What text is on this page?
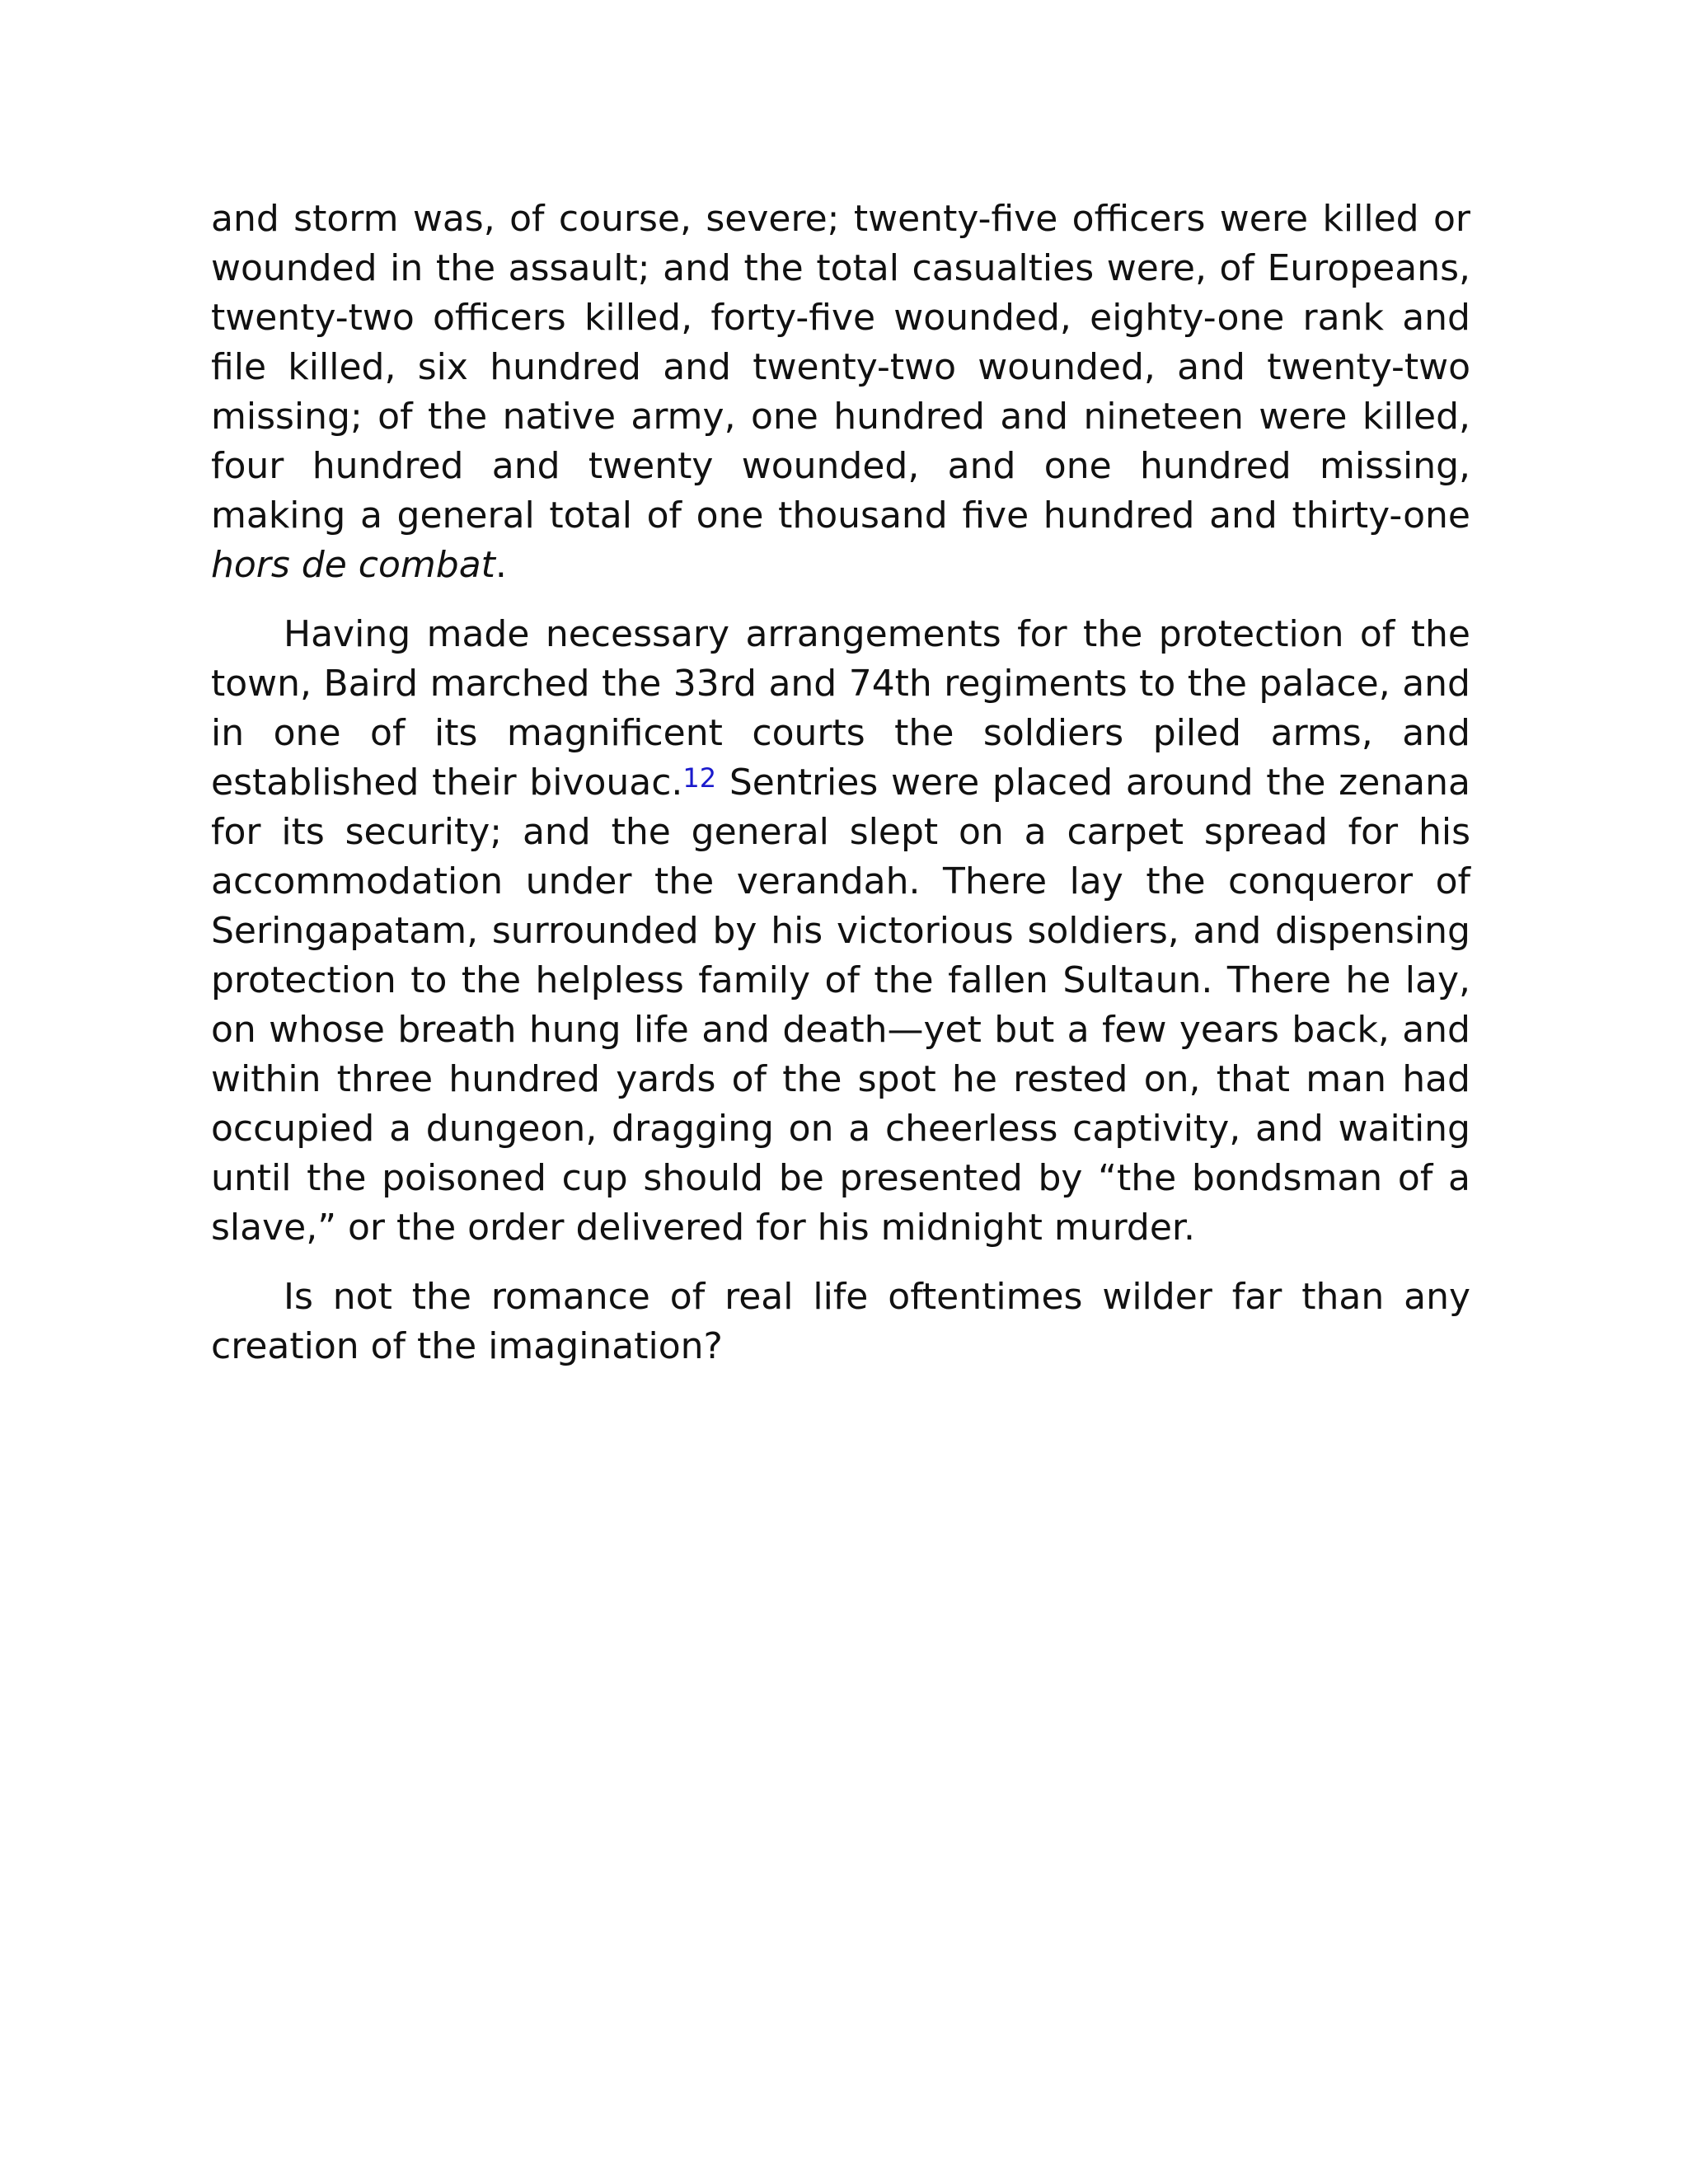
and storm was, of course, severe; twenty-five officers were killed or wounded in the assault; and the total casualties were, of Europeans, twenty-two officers killed, forty-five wounded, eighty-one rank and file killed, six hundred and twenty-two wounded, and twenty-two missing; of the native army, one hundred and nineteen were killed, four hundred and twenty wounded, and one hundred missing, making a general total of one thousand five hundred and thirty-one hors de combat.

Having made necessary arrangements for the protection of the town, Baird marched the 33rd and 74th regiments to the palace, and in one of its magnificent courts the soldiers piled arms, and established their bivouac.$^{12}$ Sentries were placed around the zenana for its security; and the general slept on a carpet spread for his accommodation under the verandah. There lay the conqueror of Seringapatam, surrounded by his victorious soldiers, and dispensing protection to the helpless family of the fallen Sultaun. There he lay, on whose breath hung life and death—yet but a few years back, and within three hundred yards of the spot he rested on, that man had occupied a dungeon, dragging on a cheerless captivity, and waiting until the poisoned cup should be presented by “the bondsman of a slave,” or the order delivered for his midnight murder.

Is not the romance of real life oftentimes wilder far than any creation of the imagination?
